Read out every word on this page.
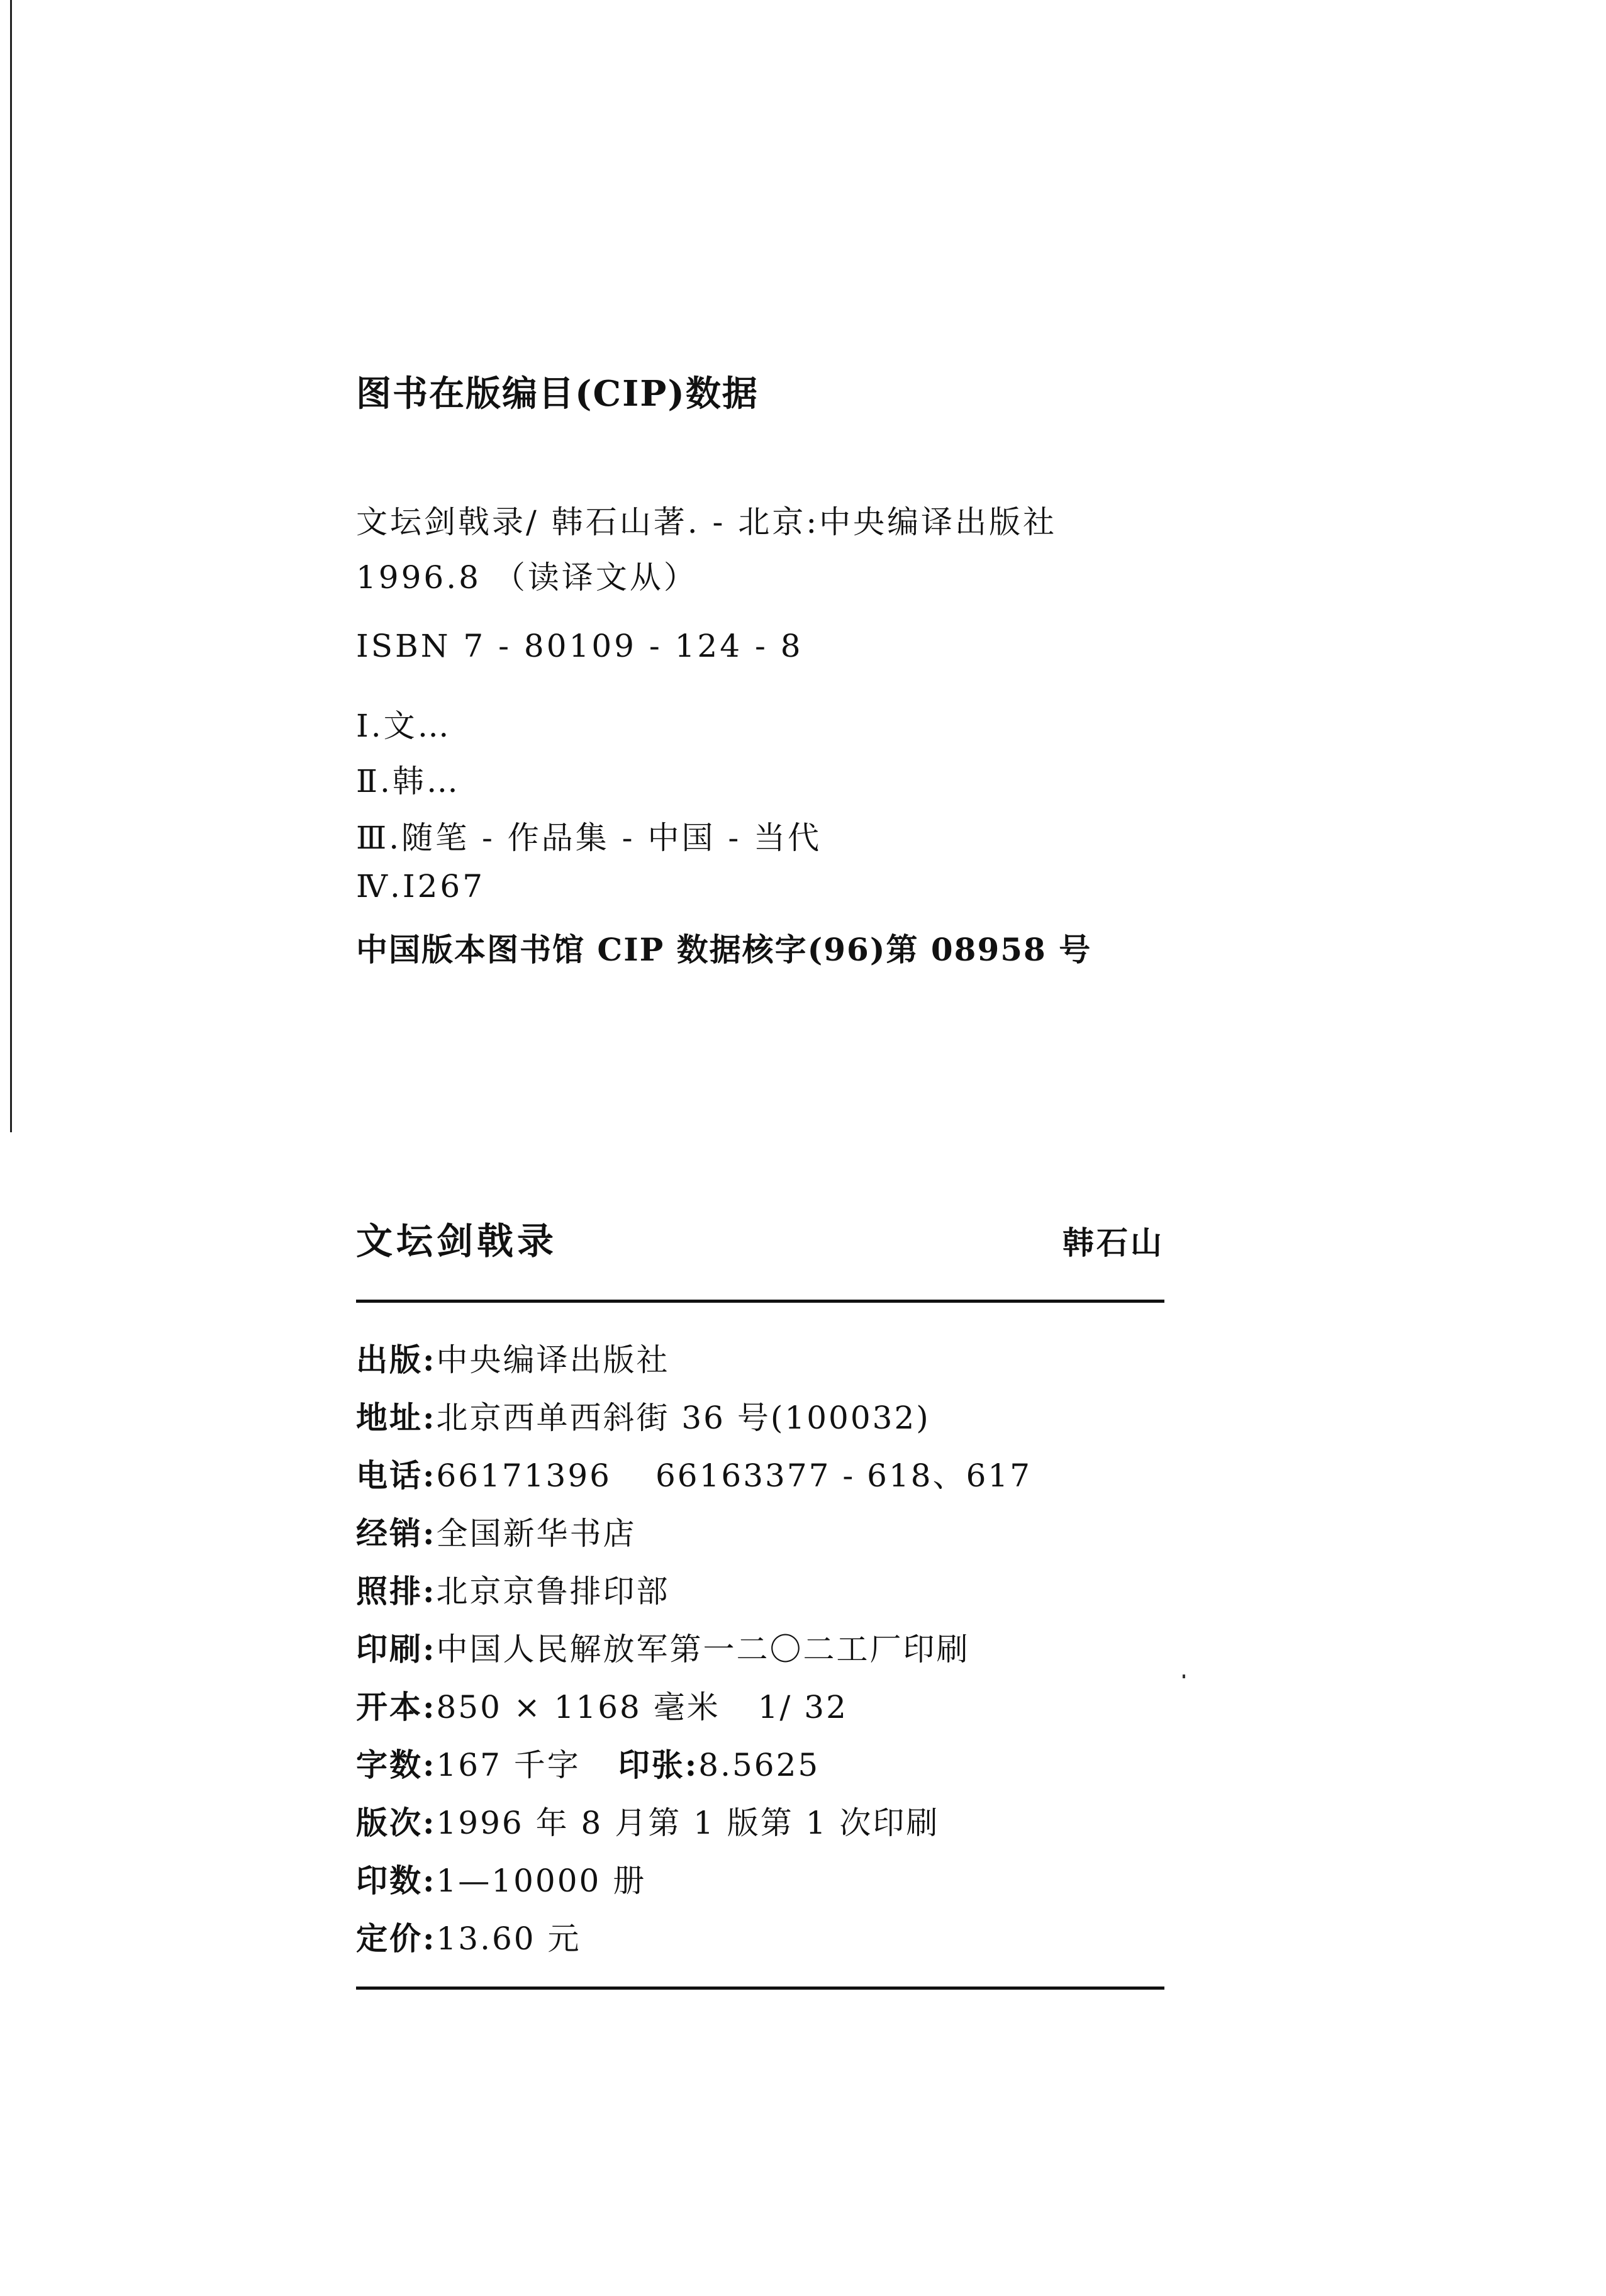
图书在版编目(CIP)数据
文坛剑戟录/ 韩石山著. - 北京:中央编译出版社
1996.8 （读译文从）
ISBN 7 - 80109 - 124 - 8
Ⅰ.文…
Ⅱ.韩…
Ⅲ.随笔 - 作品集 - 中国 - 当代
Ⅳ.I267
中国版本图书馆 CIP 数据核字(96)第 08958 号
文坛剑戟录	韩石山
出版:中央编译出版社
地址:北京西单西斜街 36 号(100032)
电话:66171396 66163377 - 618、617
经销:全国新华书店
照排:北京京鲁排印部
印刷:中国人民解放军第一二〇二工厂印刷
开本:850 × 1168 毫米 1/ 32
字数:167 千字 印张:8.5625
版次:1996 年 8 月第 1 版第 1 次印刷
印数:1—10000 册
定价:13.60 元
